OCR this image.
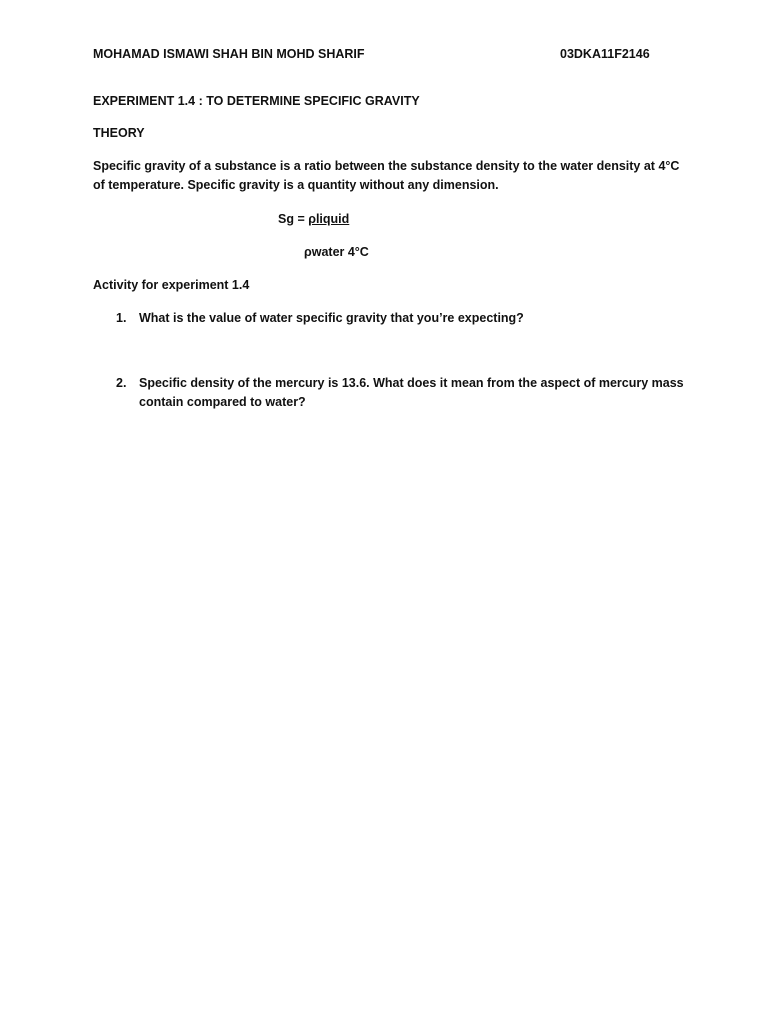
MOHAMAD ISMAWI SHAH BIN MOHD SHARIF	03DKA11F2146
EXPERIMENT 1.4 : TO DETERMINE SPECIFIC GRAVITY
THEORY
Specific gravity of a substance is a ratio between the substance density to the water density at 4°C of temperature. Specific gravity is a quantity without any dimension.
Sg = ρliquid
ρwater 4°C
Activity for experiment 1.4
1. What is the value of water specific gravity that you’re expecting?
2. Specific density of the mercury is 13.6. What does it mean from the aspect of mercury mass contain compared to water?
